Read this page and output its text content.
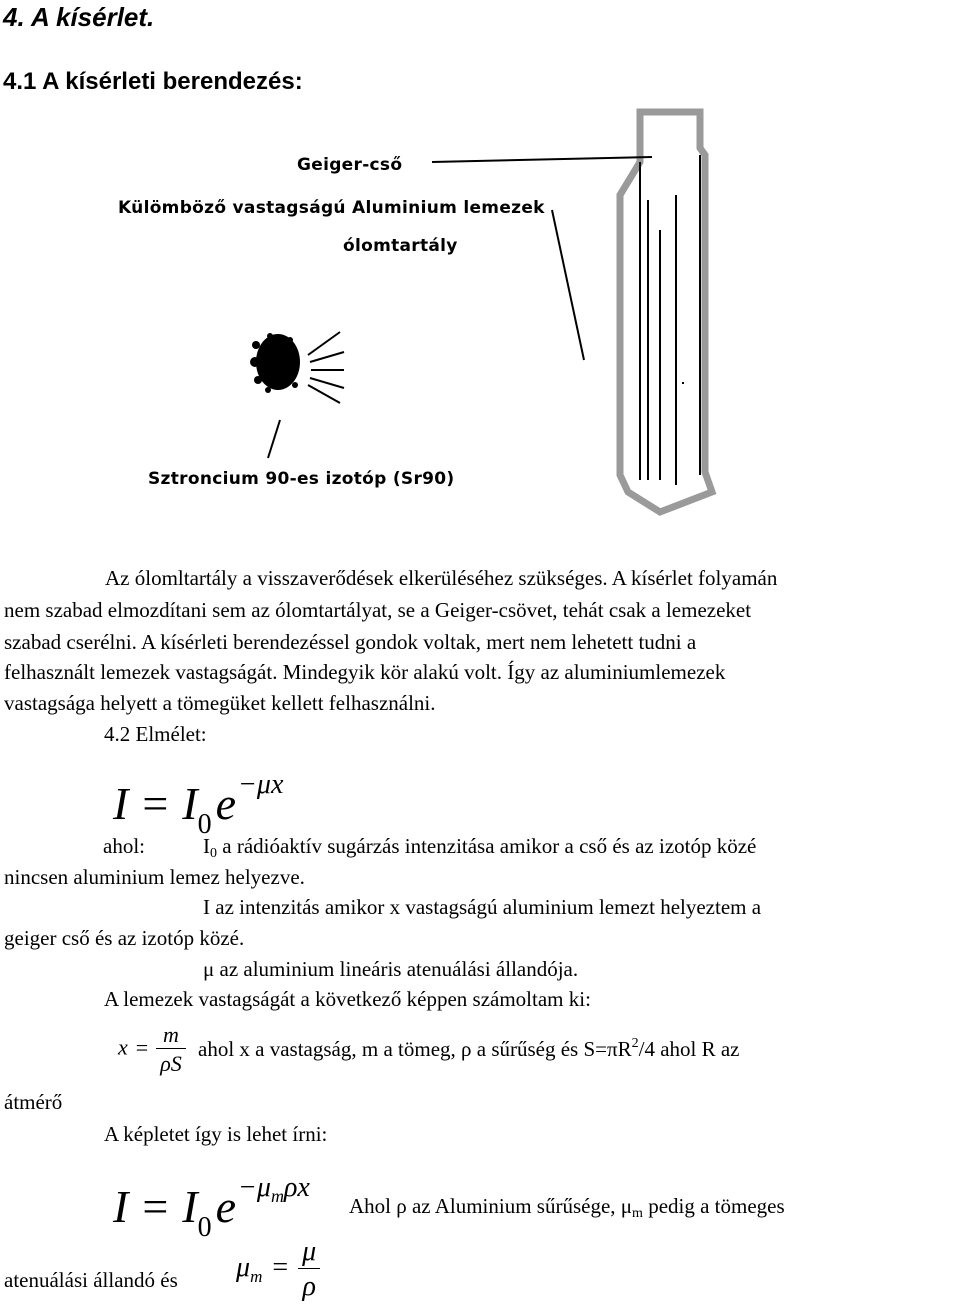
4. A kísérlet.
4.1 A kísérleti berendezés:
Geiger-cső
Külömböző vastagságú Aluminium lemezek
ólomtartály
Sztroncium 90-es izotóp (Sr90)
Az ólomltartály a visszaverődések elkerüléséhez szükséges. A kísérlet folyamán
nem szabad elmozdítani sem az ólomtartályat, se a Geiger-csövet, tehát csak a lemezeket
szabad cserélni. A kísérleti berendezéssel gondok voltak, mert nem lehetett tudni a
felhasznált lemezek vastagságát. Mindegyik kör alakú volt. Így az aluminiumlemezek
vastagsága helyett a tömegüket kellett felhasználni.
4.2 Elmélet:
$I = I_0e^{-\mu x}$
ahol:	$I_0$ a rádióaktív sugárzás intenzitása amikor a cső és az izotóp közé
nincsen aluminium lemez helyezve.
I az intenzitás amikor x vastagságú aluminium lemezt helyeztem a
geiger cső és az izotóp közé.
μ az aluminium lineáris atenuálási állandója.
A lemezek vastagságát a következő képpen számoltam ki:
$x = \frac{m}{\rho S}$ ahol x a vastagság, m a tömeg, ρ a sűrűség és $S=\pi R^2/4$ ahol R az
átmérő
A képletet így is lehet írni:
$I = I_0e^{-\mu_m\rho x}$
Ahol ρ az Aluminium sűrűsége, $\mu_m$ pedig a tömeges
atenuálási állandó és $\mu_m = \frac{\mu}{\rho}$
